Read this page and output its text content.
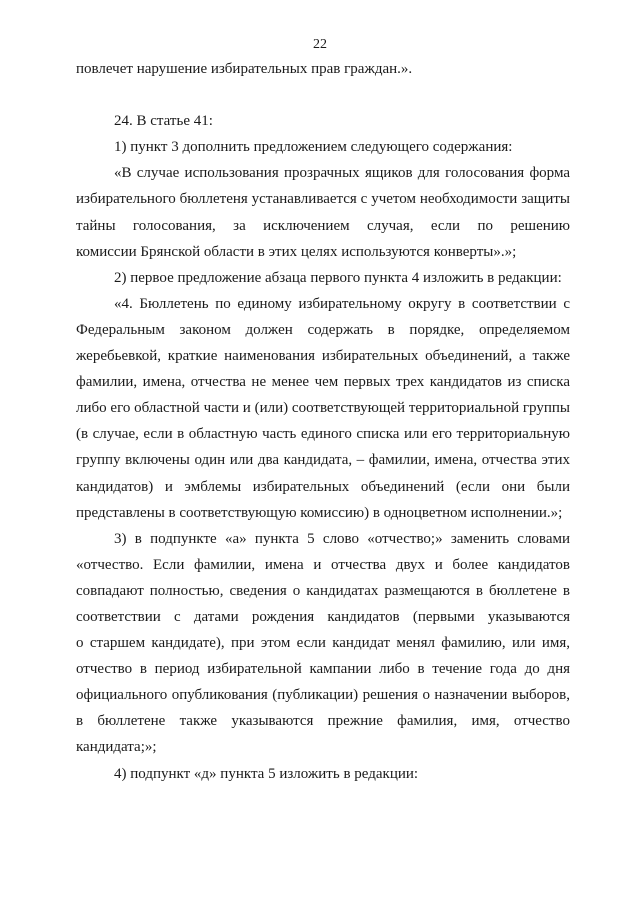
22
повлечет нарушение избирательных прав граждан.».
24. В статье 41:
1) пункт 3 дополнить предложением следующего содержания:
«В случае использования прозрачных ящиков для голосования форма
избирательного бюллетеня устанавливается с учетом необходимости защиты
тайны голосования, за исключением случая, если по решению
комиссии Брянской области в этих целях используются конверты».»;
2) первое предложение абзаца первого пункта 4 изложить в редакции:
«4. Бюллетень по единому избирательному округу в соответствии с
Федеральным законом должен содержать в порядке, определяемом
жеребьевкой, краткие наименования избирательных объединений, а также
фамилии, имена, отчества не менее чем первых трех кандидатов из списка
либо его областной части и (или) соответствующей территориальной группы
(в случае, если в областную часть единого списка или его территориальную
группу включены один или два кандидата, – фамилии, имена, отчества этих
кандидатов) и эмблемы избирательных объединений (если они были
представлены в соответствующую комиссию) в одноцветном исполнении.»;
3) в подпункте «а» пункта 5 слово «отчество;» заменить словами
«отчество. Если фамилии, имена и отчества двух и более кандидатов
совпадают полностью, сведения о кандидатах размещаются в бюллетене в
соответствии с датами рождения кандидатов (первыми указываются
о старшем кандидате), при этом если кандидат менял фамилию, или имя,
отчество в период избирательной кампании либо в течение года до дня
официального опубликования (публикации) решения о назначении выборов,
в бюллетене также указываются прежние фамилия, имя, отчество
кандидата;»;
4) подпункт «д» пункта 5 изложить в редакции:
